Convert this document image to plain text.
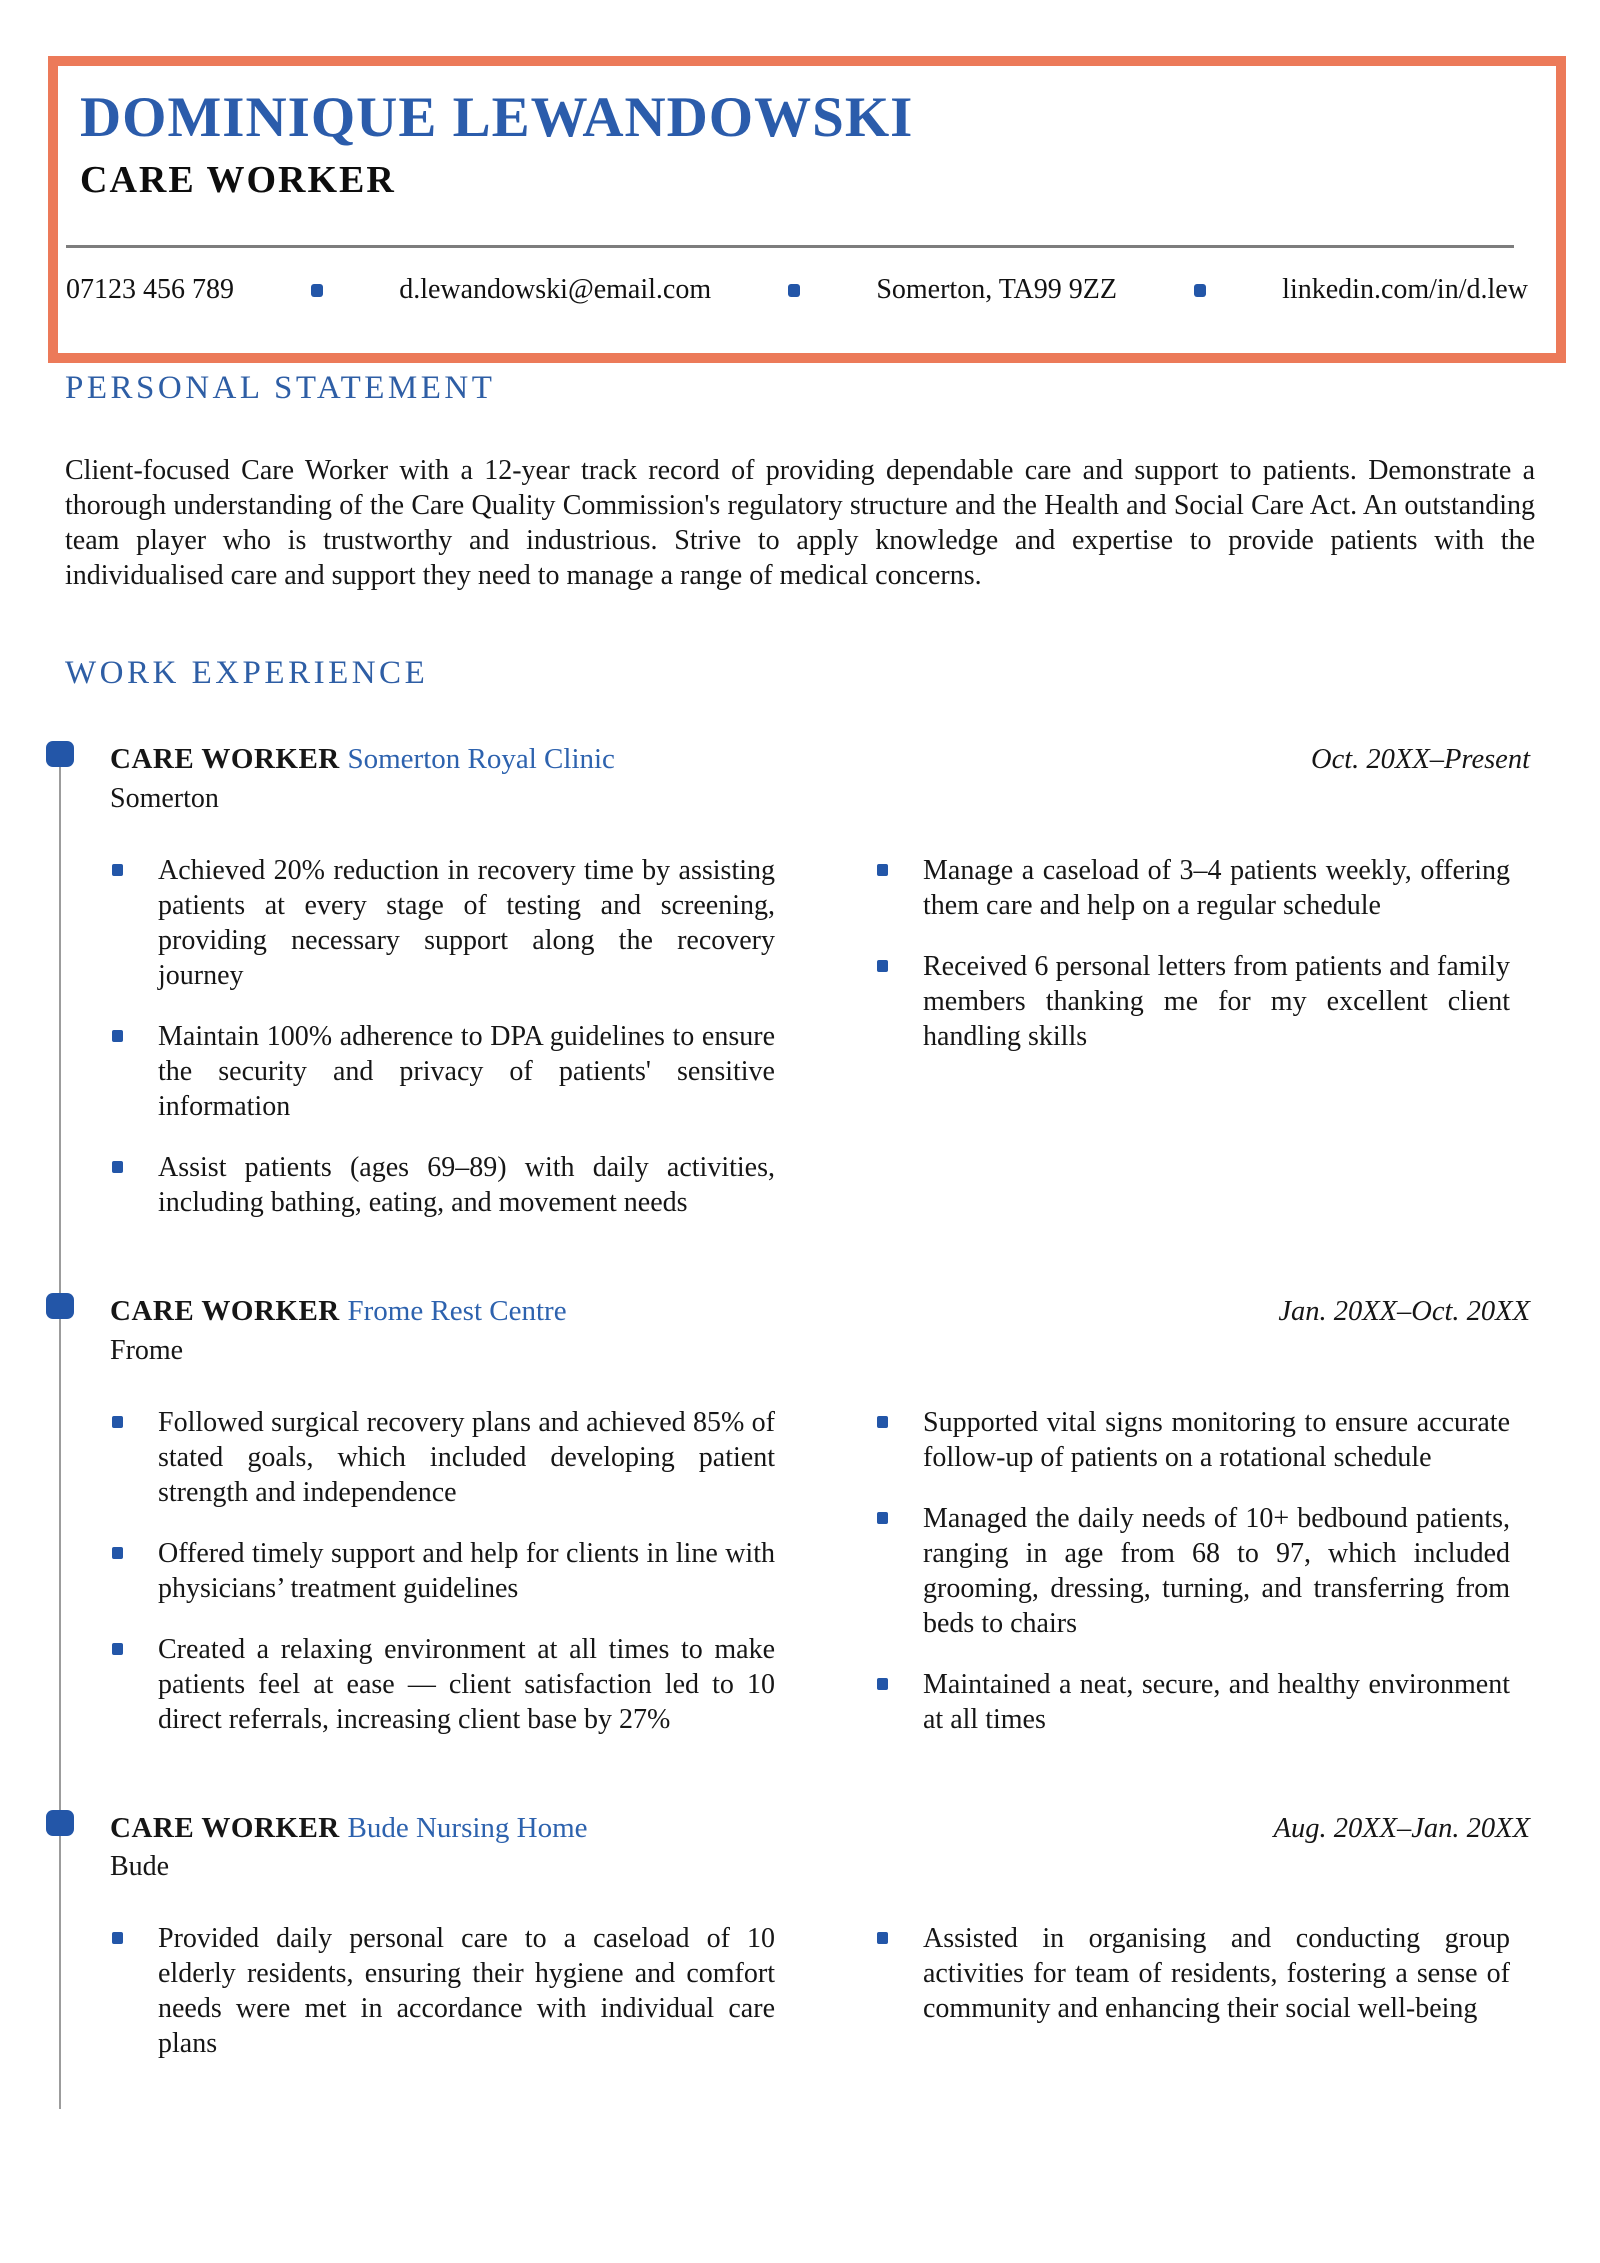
DOMINIQUE LEWANDOWSKI
CARE WORKER
07123 456 789	d.lewandowski@email.com	Somerton, TA99 9ZZ	linkedin.com/in/d.lew
PERSONAL STATEMENT
Client-focused Care Worker with a 12-year track record of providing dependable care and support to patients. Demonstrate a thorough understanding of the Care Quality Commission's regulatory structure and the Health and Social Care Act. An outstanding team player who is trustworthy and industrious. Strive to apply knowledge and expertise to provide patients with the individualised care and support they need to manage a range of medical concerns.
WORK EXPERIENCE
CARE WORKER Somerton Royal Clinic	Oct. 20XX–Present
Somerton
Achieved 20% reduction in recovery time by assisting patients at every stage of testing and screening, providing necessary support along the recovery journey
Maintain 100% adherence to DPA guidelines to ensure the security and privacy of patients' sensitive information
Assist patients (ages 69–89) with daily activities, including bathing, eating, and movement needs
Manage a caseload of 3–4 patients weekly, offering them care and help on a regular schedule
Received 6 personal letters from patients and family members thanking me for my excellent client handling skills
CARE WORKER Frome Rest Centre	Jan. 20XX–Oct. 20XX
Frome
Followed surgical recovery plans and achieved 85% of stated goals, which included developing patient strength and independence
Offered timely support and help for clients in line with physicians’ treatment guidelines
Created a relaxing environment at all times to make patients feel at ease — client satisfaction led to 10 direct referrals, increasing client base by 27%
Supported vital signs monitoring to ensure accurate follow-up of patients on a rotational schedule
Managed the daily needs of 10+ bedbound patients, ranging in age from 68 to 97, which included grooming, dressing, turning, and transferring from beds to chairs
Maintained a neat, secure, and healthy environment at all times
CARE WORKER Bude Nursing Home	Aug. 20XX–Jan. 20XX
Bude
Provided daily personal care to a caseload of 10 elderly residents, ensuring their hygiene and comfort needs were met in accordance with individual care plans
Assisted in organising and conducting group activities for team of residents, fostering a sense of community and enhancing their social well-being
